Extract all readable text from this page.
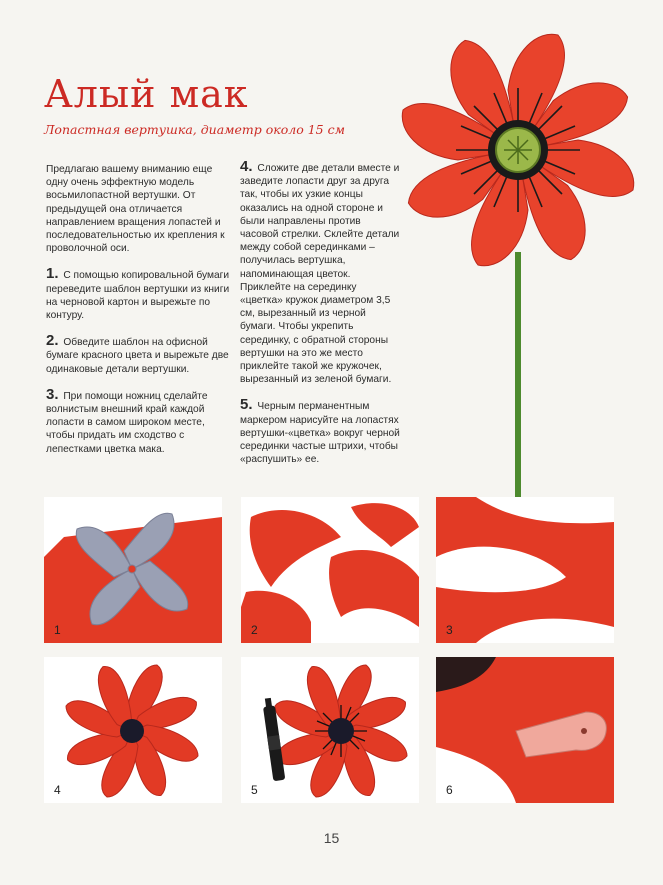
Алый мак
Лопастная вертушка, диаметр около 15 см

Предлагаю вашему вниманию еще одну очень эффектную модель восьмилопастной вертушки. От предыдущей она отличается направлением вращения лопастей и последовательностью их крепления к проволочной оси.

1. С помощью копировальной бумаги переведите шаблон вертушки из книги на черновой картон и вырежьте по контуру.

2. Обведите шаблон на офисной бумаге красного цвета и вырежьте две одинаковые детали вертушки.

3. При помощи ножниц сделайте волнистым внешний край каждой лопасти в самом широком месте, чтобы придать им сходство с лепестками цветка мака.

4. Сложите две детали вместе и заведите лопасти друг за друга так, чтобы их узкие концы оказались на одной стороне и были направлены против часовой стрелки. Склейте детали между собой серединками – получилась вертушка, напоминающая цветок. Приклейте на серединку «цветка» кружок диаметром 3,5 см, вырезанный из черной бумаги. Чтобы укрепить серединку, с обратной стороны вертушки на это же место приклейте такой же кружочек, вырезанный из зеленой бумаги.

5. Черным перманентным маркером нарисуйте на лопастях вертушки-«цветка» вокруг черной серединки частые штрихи, чтобы «распушить» ее.

1	2	3
4	5	6
15
